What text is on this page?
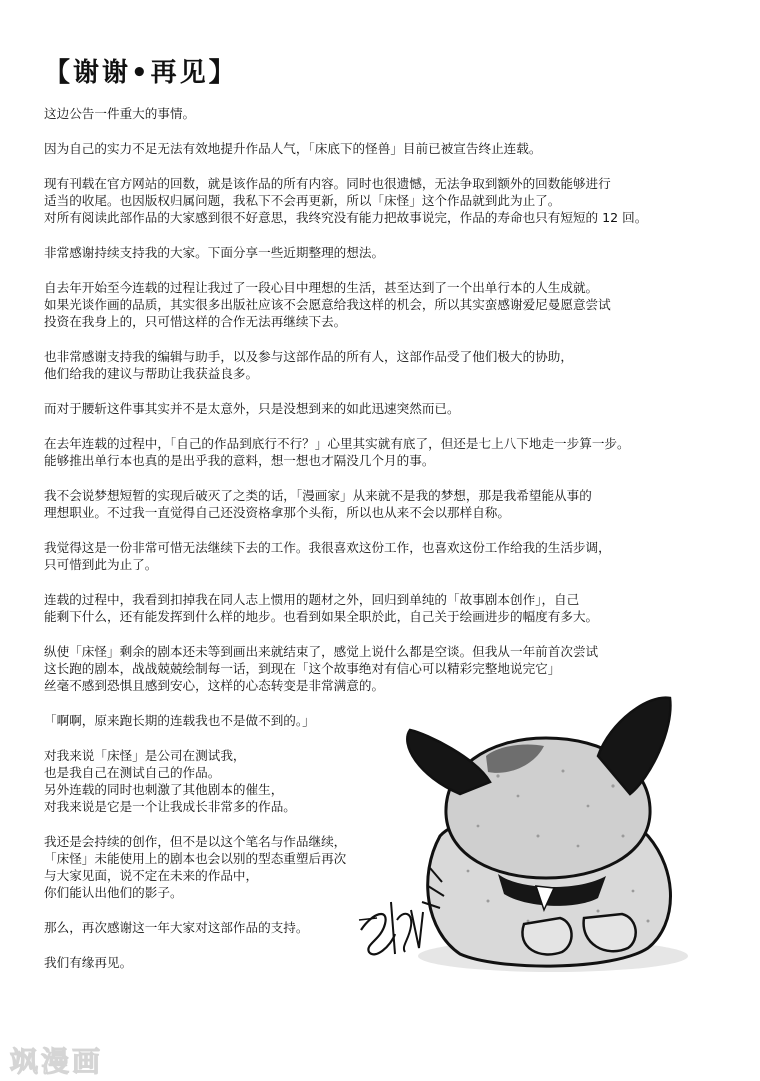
【谢谢•再见】

这边公告一件重大的事情。

因为自己的实力不足无法有效地提升作品人气，「床底下的怪兽」目前已被宣告终止连载。

现有刊载在官方网站的回数，就是该作品的所有内容。同时也很遗憾，无法争取到额外的回数能够进行
适当的收尾。也因版权归属问题，我私下不会再更新，所以「床怪」这个作品就到此为止了。
对所有阅读此部作品的大家感到很不好意思，我终究没有能力把故事说完，作品的寿命也只有短短的 12 回。

非常感谢持续支持我的大家。下面分享一些近期整理的想法。

自去年开始至今连载的过程让我过了一段心目中理想的生活，甚至达到了一个出单行本的人生成就。
如果光谈作画的品质，其实很多出版社应该不会愿意给我这样的机会，所以其实蛮感谢爱尼曼愿意尝试
投资在我身上的，只可惜这样的合作无法再继续下去。

也非常感谢支持我的编辑与助手，以及参与这部作品的所有人，这部作品受了他们极大的协助，
他们给我的建议与帮助让我获益良多。

而对于腰斩这件事其实并不是太意外，只是没想到来的如此迅速突然而已。

在去年连载的过程中，「自己的作品到底行不行？」心里其实就有底了，但还是七上八下地走一步算一步。
能够推出单行本也真的是出乎我的意料，想一想也才隔没几个月的事。

我不会说梦想短暂的实现后破灭了之类的话，「漫画家」从来就不是我的梦想，那是我希望能从事的
理想职业。不过我一直觉得自己还没资格拿那个头衔，所以也从来不会以那样自称。

我觉得这是一份非常可惜无法继续下去的工作。我很喜欢这份工作，也喜欢这份工作给我的生活步调，
只可惜到此为止了。

连载的过程中，我看到扣掉我在同人志上惯用的题材之外，回归到单纯的「故事剧本创作」，自己
能剩下什么，还有能发挥到什么样的地步。也看到如果全职於此，自己关于绘画进步的幅度有多大。

纵使「床怪」剩余的剧本还未等到画出来就结束了，感觉上说什么都是空谈。但我从一年前首次尝试
这长跑的剧本，战战兢兢绘制每一话，到现在「这个故事绝对有信心可以精彩完整地说完它」
丝毫不感到恐惧且感到安心，这样的心态转变是非常满意的。

「啊啊，原来跑长期的连载我也不是做不到的。」

对我来说「床怪」是公司在测试我，
也是我自己在测试自己的作品。
另外连载的同时也刺激了其他剧本的催生，
对我来说是它是一个让我成长非常多的作品。

我还是会持续的创作，但不是以这个笔名与作品继续，
「床怪」未能使用上的剧本也会以别的型态重塑后再次
与大家见面，说不定在未来的作品中，
你们能认出他们的影子。

那么，再次感谢这一年大家对这部作品的支持。

我们有缘再见。

飒漫画
